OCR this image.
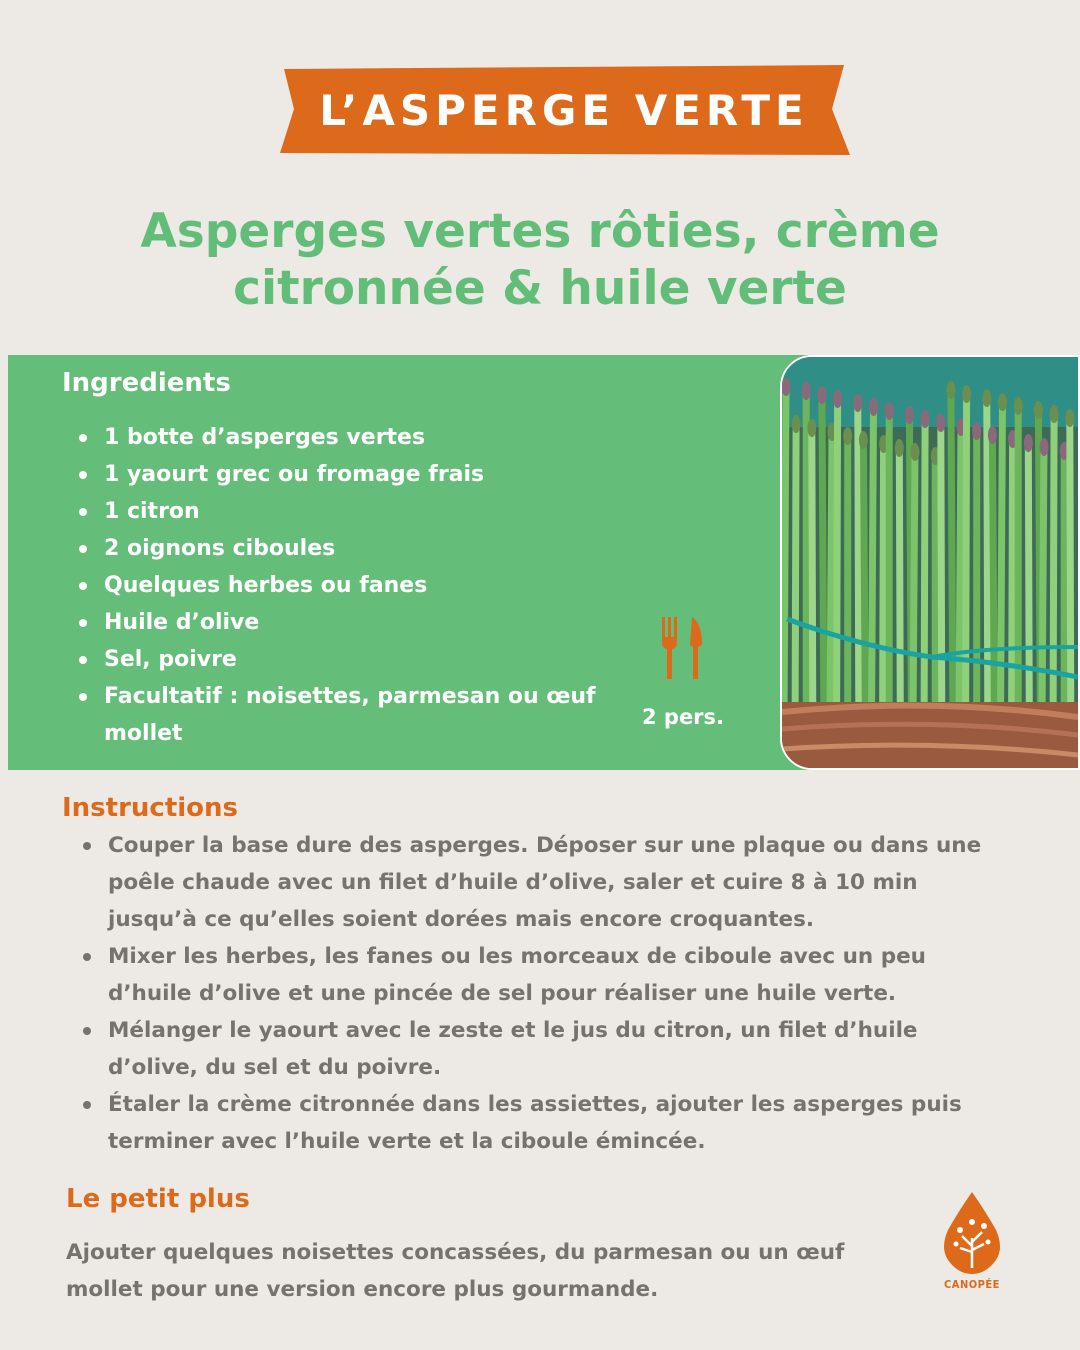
L’ASPERGE VERTE
Asperges vertes rôties, crème
citronnée & huile verte
Ingredients
1 botte d’asperges vertes
1 yaourt grec ou fromage frais
1 citron
2 oignons ciboules
Quelques herbes ou fanes
Huile d’olive
Sel, poivre
Facultatif : noisettes, parmesan ou œuf mollet
2 pers.
Instructions
Couper la base dure des asperges. Déposer sur une plaque ou dans une poêle chaude avec un filet d’huile d’olive, saler et cuire 8 à 10 min jusqu’à ce qu’elles soient dorées mais encore croquantes.
Mixer les herbes, les fanes ou les morceaux de ciboule avec un peu d’huile d’olive et une pincée de sel pour réaliser une huile verte.
Mélanger le yaourt avec le zeste et le jus du citron, un filet d’huile d’olive, du sel et du poivre.
Étaler la crème citronnée dans les assiettes, ajouter les asperges puis terminer avec l’huile verte et la ciboule émincée.
Le petit plus
Ajouter quelques noisettes concassées, du parmesan ou un œuf mollet pour une version encore plus gourmande.	CANOPÉE
